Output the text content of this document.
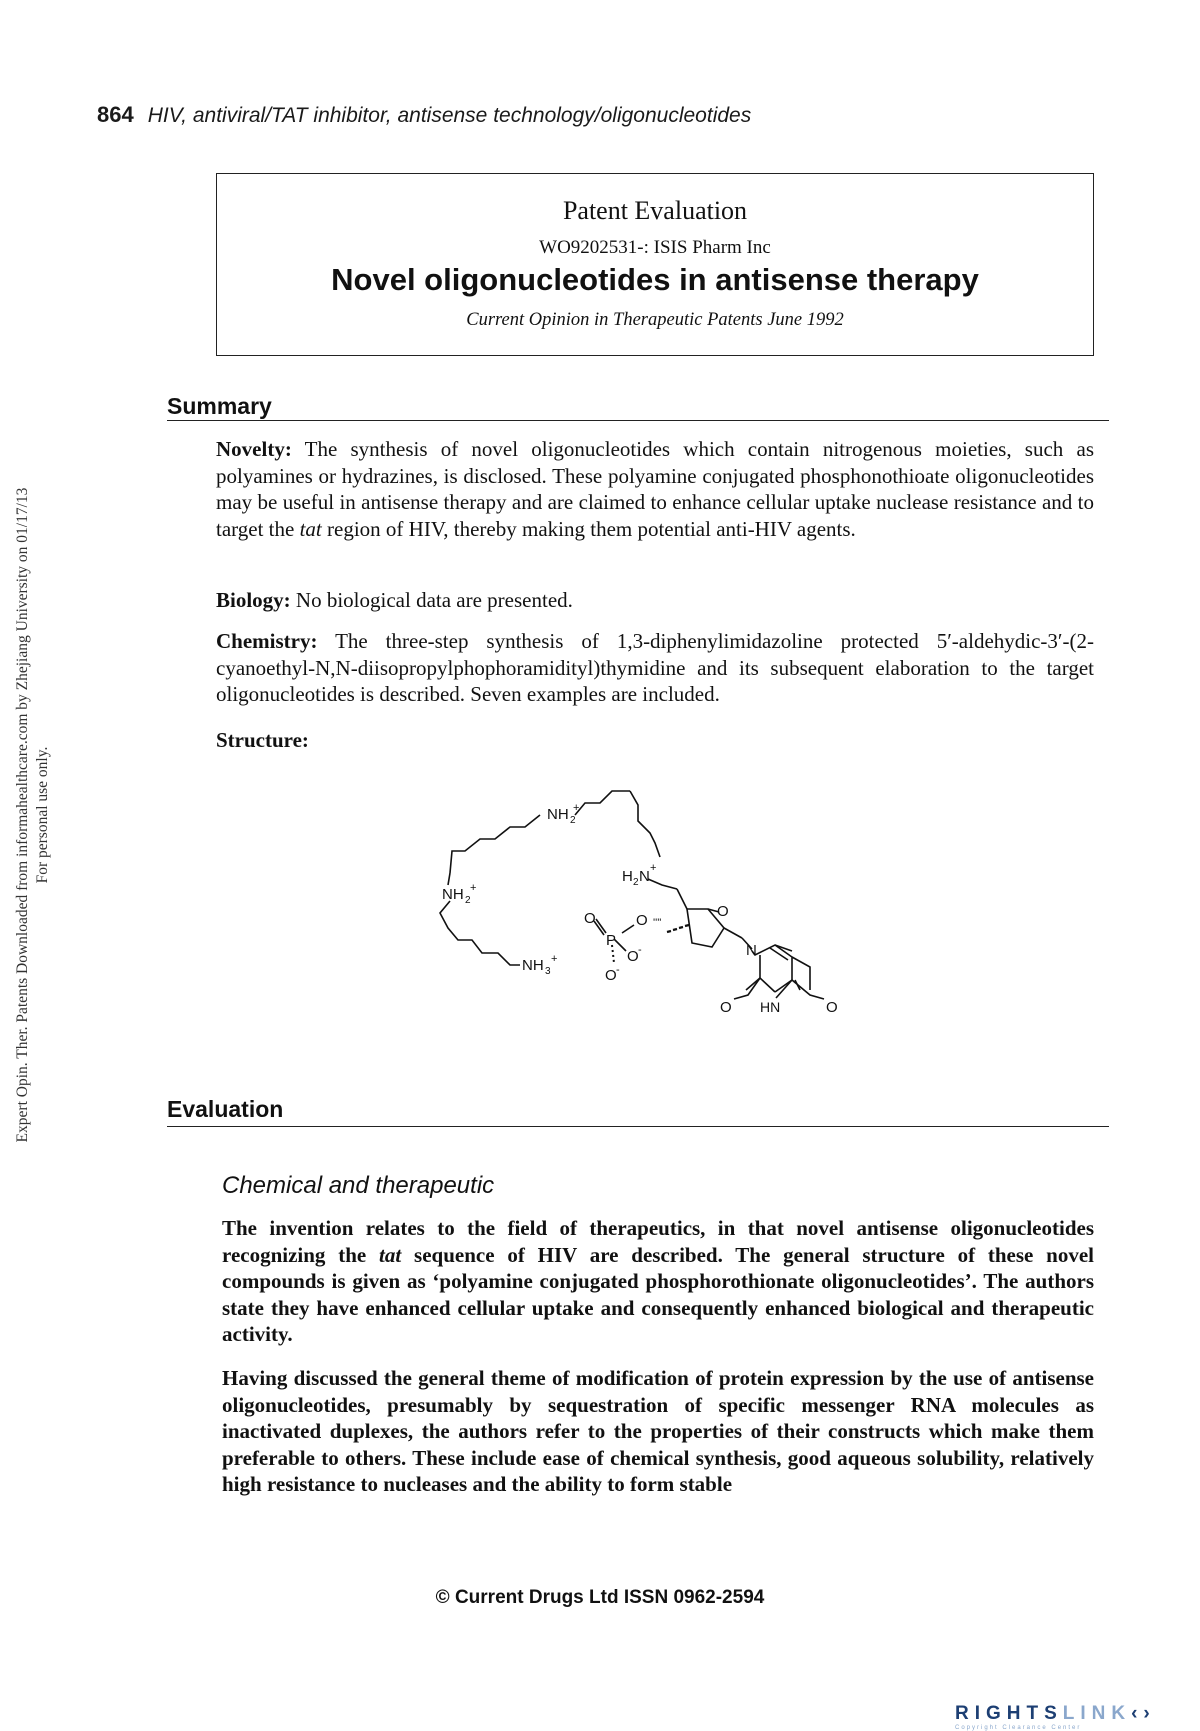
864 HIV, antiviral/TAT inhibitor, antisense technology/oligonucleotides
Expert Opin. Ther. Patents Downloaded from informahealthcare.com by Zhejiang University on 01/17/13 For personal use only.
Patent Evaluation
WO9202531-: ISIS Pharm Inc
Novel oligonucleotides in antisense therapy
Current Opinion in Therapeutic Patents June 1992
Summary

Novelty: The synthesis of novel oligonucleotides which contain nitrogenous moieties, such as polyamines or hydrazines, is disclosed. These polyamine conjugated phosphonothioate oligonucleotides may be useful in antisense therapy and are claimed to enhance cellular uptake nuclease resistance and to target the tat region of HIV, thereby making them potential anti-HIV agents.

Biology: No biological data are presented.

Chemistry: The three-step synthesis of 1,3-diphenylimidazoline protected 5′-aldehydic-3′-(2-cyanoethyl-N,N-diisopropylphophoramidityl)thymidine and its subsequent elaboration to the target oligonucleotides is described. Seven examples are included.

Structure:

NH 2
+
NH 2
+
H 2 N +
NH 3
+
O
O ''''
P
O
O -
O -
N
HN
O	O
Evaluation
Chemical and therapeutic

The invention relates to the field of therapeutics, in that novel antisense oligonucleotides recognizing the tat sequence of HIV are described. The general structure of these novel compounds is given as ‘polyamine conjugated phosphorothionate oligonucleotides’. The authors state they have enhanced cellular uptake and consequently enhanced biological and therapeutic activity.

Having discussed the general theme of modification of protein expression by the use of antisense oligonucleotides, presumably by sequestration of specific messenger RNA molecules as inactivated duplexes, the authors refer to the properties of their constructs which make them preferable to others. These include ease of chemical synthesis, good aqueous solubility, relatively high resistance to nucleases and the ability to form stable

© Current Drugs Ltd ISSN 0962-2594
RIGHTSLINK‹›
Copyright Clearance Center
